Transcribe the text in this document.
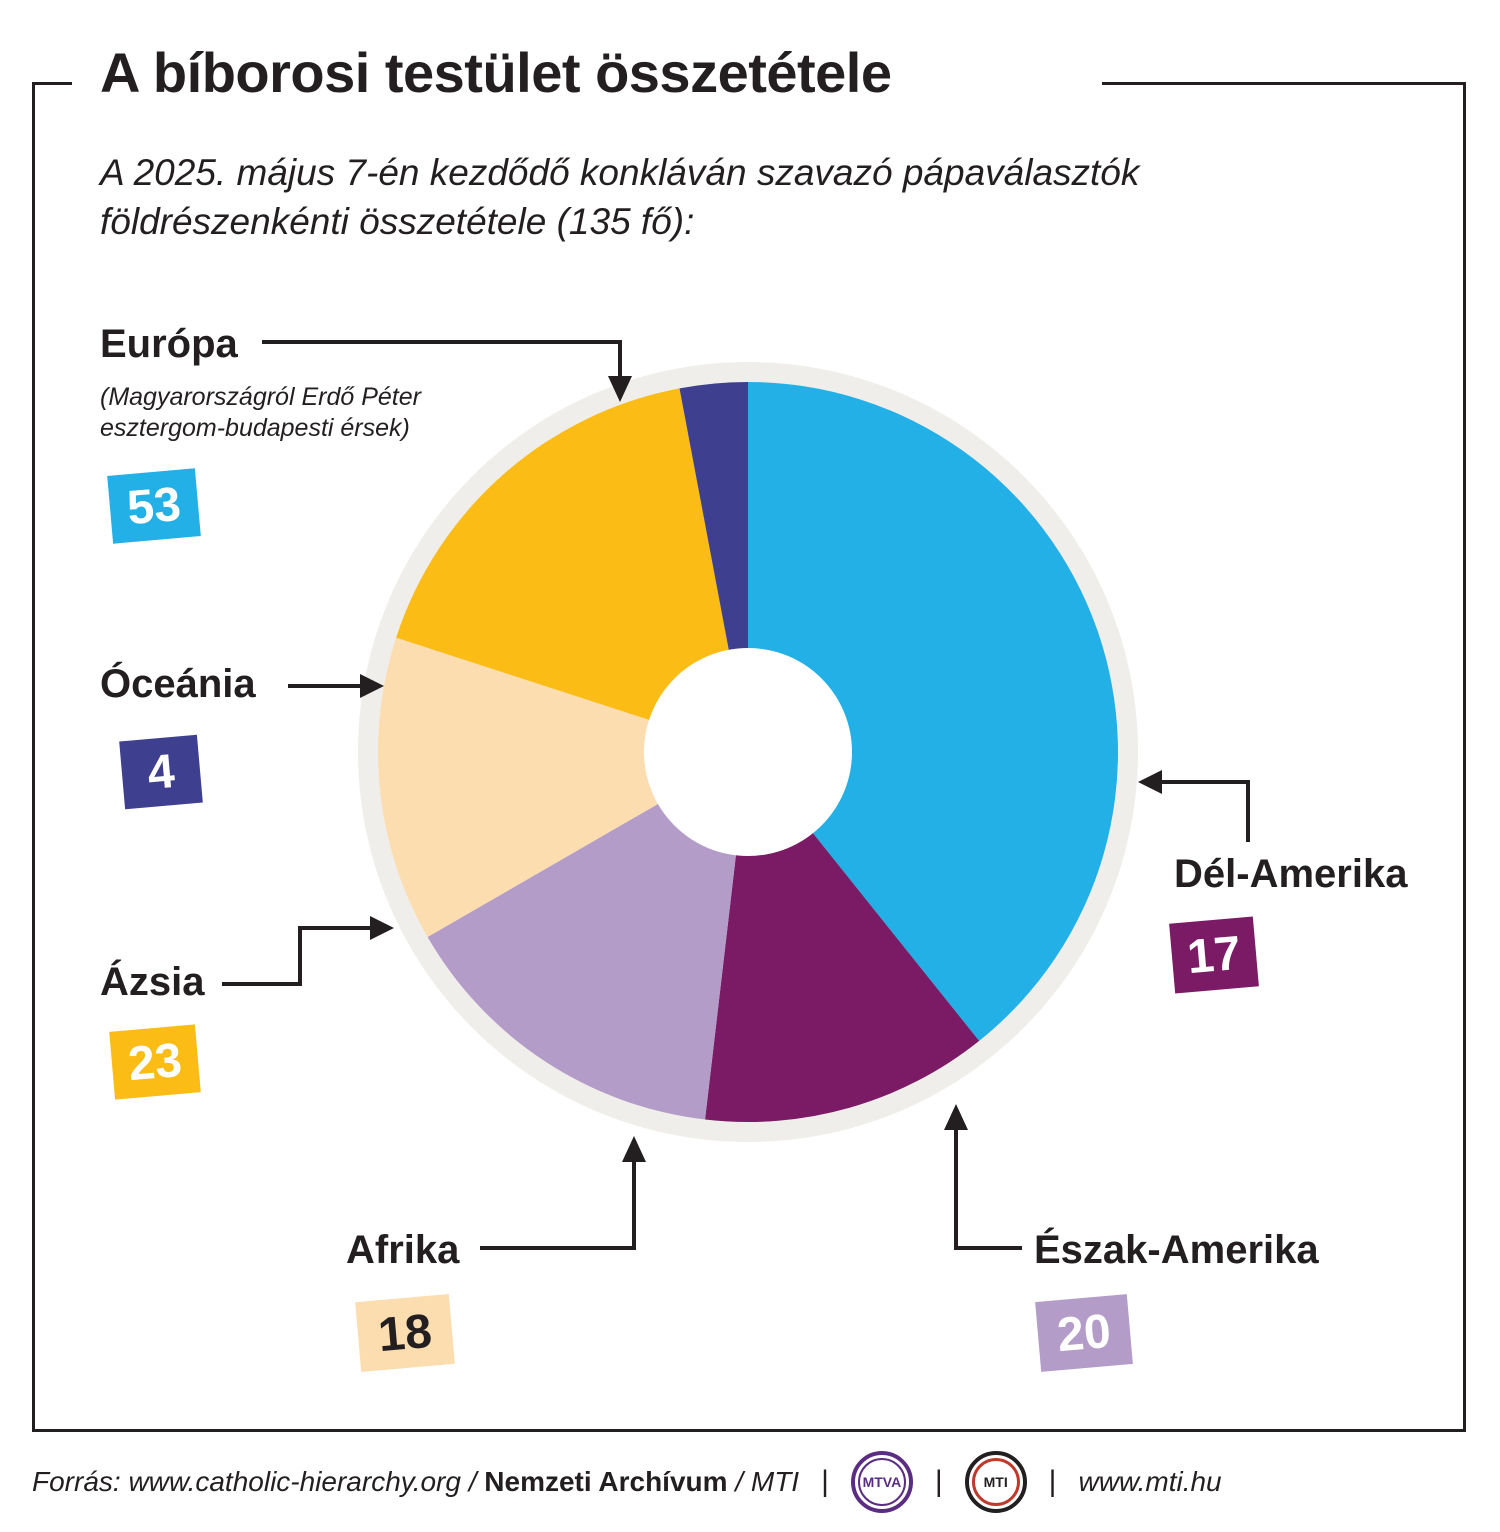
A bíborosi testület összetétele
A 2025. május 7-én kezdődő konkláván szavazó pápaválasztók földrészenkénti összetétele (135 fő):
Európa
(Magyarországról Erdő Péter
esztergom-budapesti érsek)
53
Óceánia
4
Ázsia
23
Afrika
18
Észak-Amerika
20
Dél-Amerika
17
Forrás: www.catholic-hierarchy.org / Nemzeti Archívum / MTI |	MTVA |	MTI	| www.mti.hu
